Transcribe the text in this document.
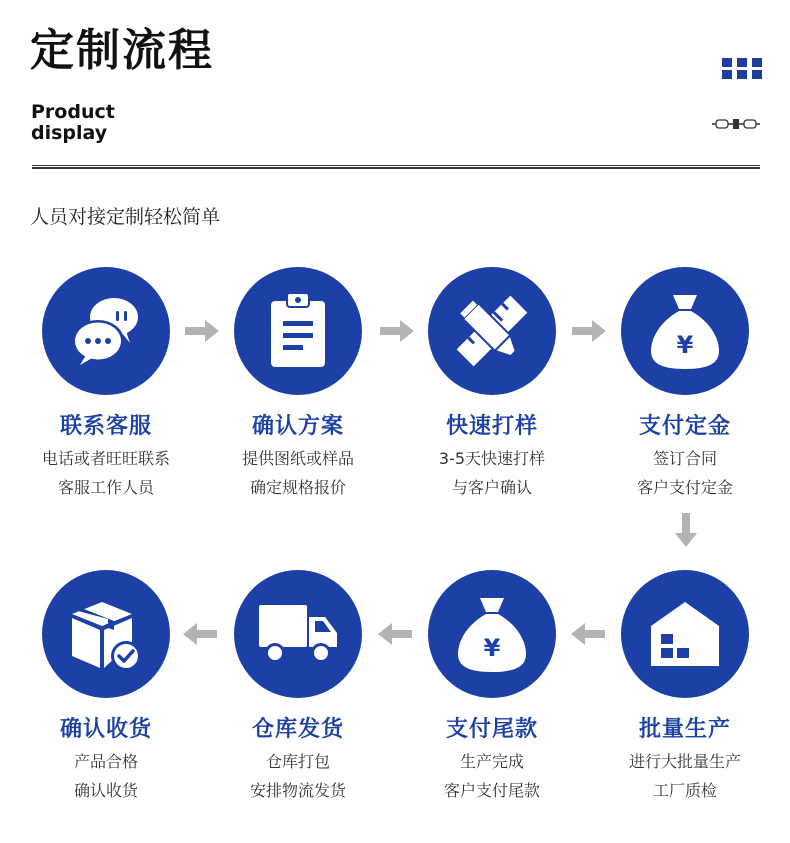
定制流程
Product
display
人员对接定制轻松简单
联系客服
电话或者旺旺联系
客服工作人员
确认方案
提供图纸或样品
确定规格报价
快速打样
3-5天快速打样
与客户确认
¥
支付定金
签订合同
客户支付定金
确认收货
产品合格
确认收货
仓库发货
仓库打包
安排物流发货
¥
支付尾款
生产完成
客户支付尾款
批量生产
进行大批量生产
工厂质检
